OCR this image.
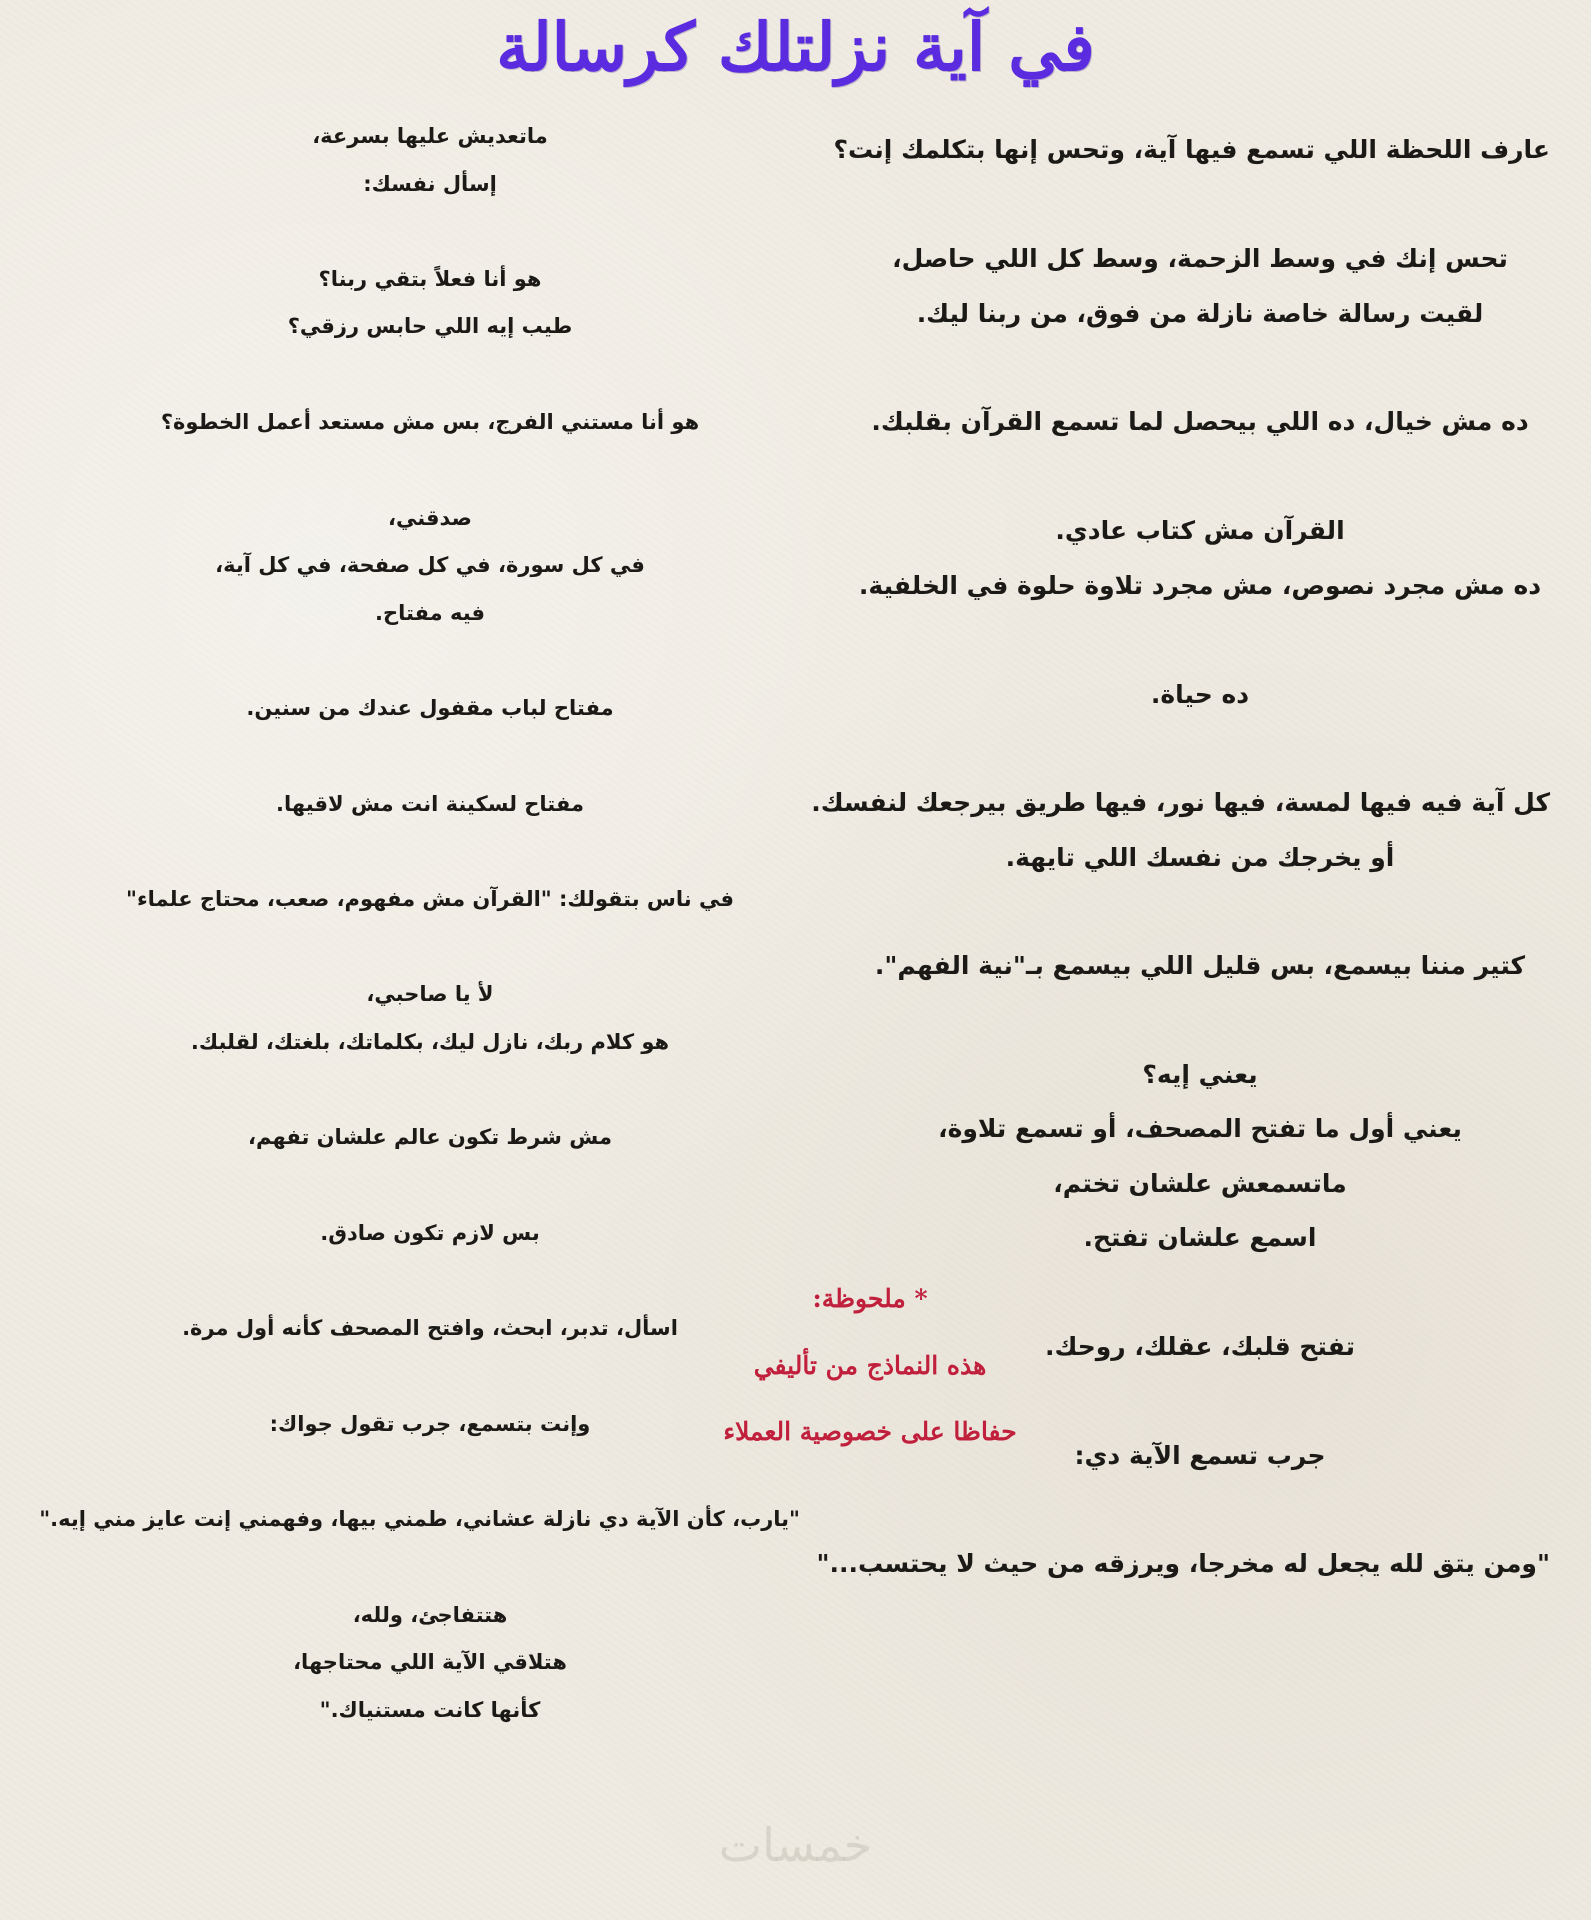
في آية نزلتلك كرسالة
عارف اللحظة اللي تسمع فيها آية، وتحس إنها بتكلمك إنت؟
تحس إنك في وسط الزحمة، وسط كل اللي حاصل،
لقيت رسالة خاصة نازلة من فوق، من ربنا ليك.
ده مش خيال، ده اللي بيحصل لما تسمع القرآن بقلبك.
القرآن مش كتاب عادي.
ده مش مجرد نصوص، مش مجرد تلاوة حلوة في الخلفية.
ده حياة.
كل آية فيه فيها لمسة، فيها نور، فيها طريق بيرجعك لنفسك.
أو يخرجك من نفسك اللي تايهة.
كتير مننا بيسمع، بس قليل اللي بيسمع بـ"نية الفهم".
يعني إيه؟
يعني أول ما تفتح المصحف، أو تسمع تلاوة،
ماتسمعش علشان تختم،
اسمع علشان تفتح.
تفتح قلبك، عقلك، روحك.
جرب تسمع الآية دي:
"ومن يتق لله يجعل له مخرجا، ويرزقه من حيث لا يحتسب..."
ماتعديش عليها بسرعة،
إسأل نفسك:
هو أنا فعلاً بتقي ربنا؟
طيب إيه اللي حابس رزقي؟
هو أنا مستني الفرج، بس مش مستعد أعمل الخطوة؟
صدقني،
في كل سورة، في كل صفحة، في كل آية،
فيه مفتاح.
مفتاح لباب مقفول عندك من سنين.
مفتاح لسكينة انت مش لاقيها.
في ناس بتقولك: "القرآن مش مفهوم، صعب، محتاج علماء"
لأ يا صاحبي،
هو كلام ربك، نازل ليك، بكلماتك، بلغتك، لقلبك.
مش شرط تكون عالم علشان تفهم،
بس لازم تكون صادق.
اسأل، تدبر، ابحث، وافتح المصحف كأنه أول مرة.
وإنت بتسمع، جرب تقول جواك:
"يارب، كأن الآية دي نازلة عشاني، طمني بيها، وفهمني إنت عايز مني إيه."
هتتفاجئ، ولله،
هتلاقي الآية اللي محتاجها،
كأنها كانت مستنياك."
* ملحوظة:
هذه النماذج من تأليفي
حفاظا على خصوصية العملاء
خمسات
